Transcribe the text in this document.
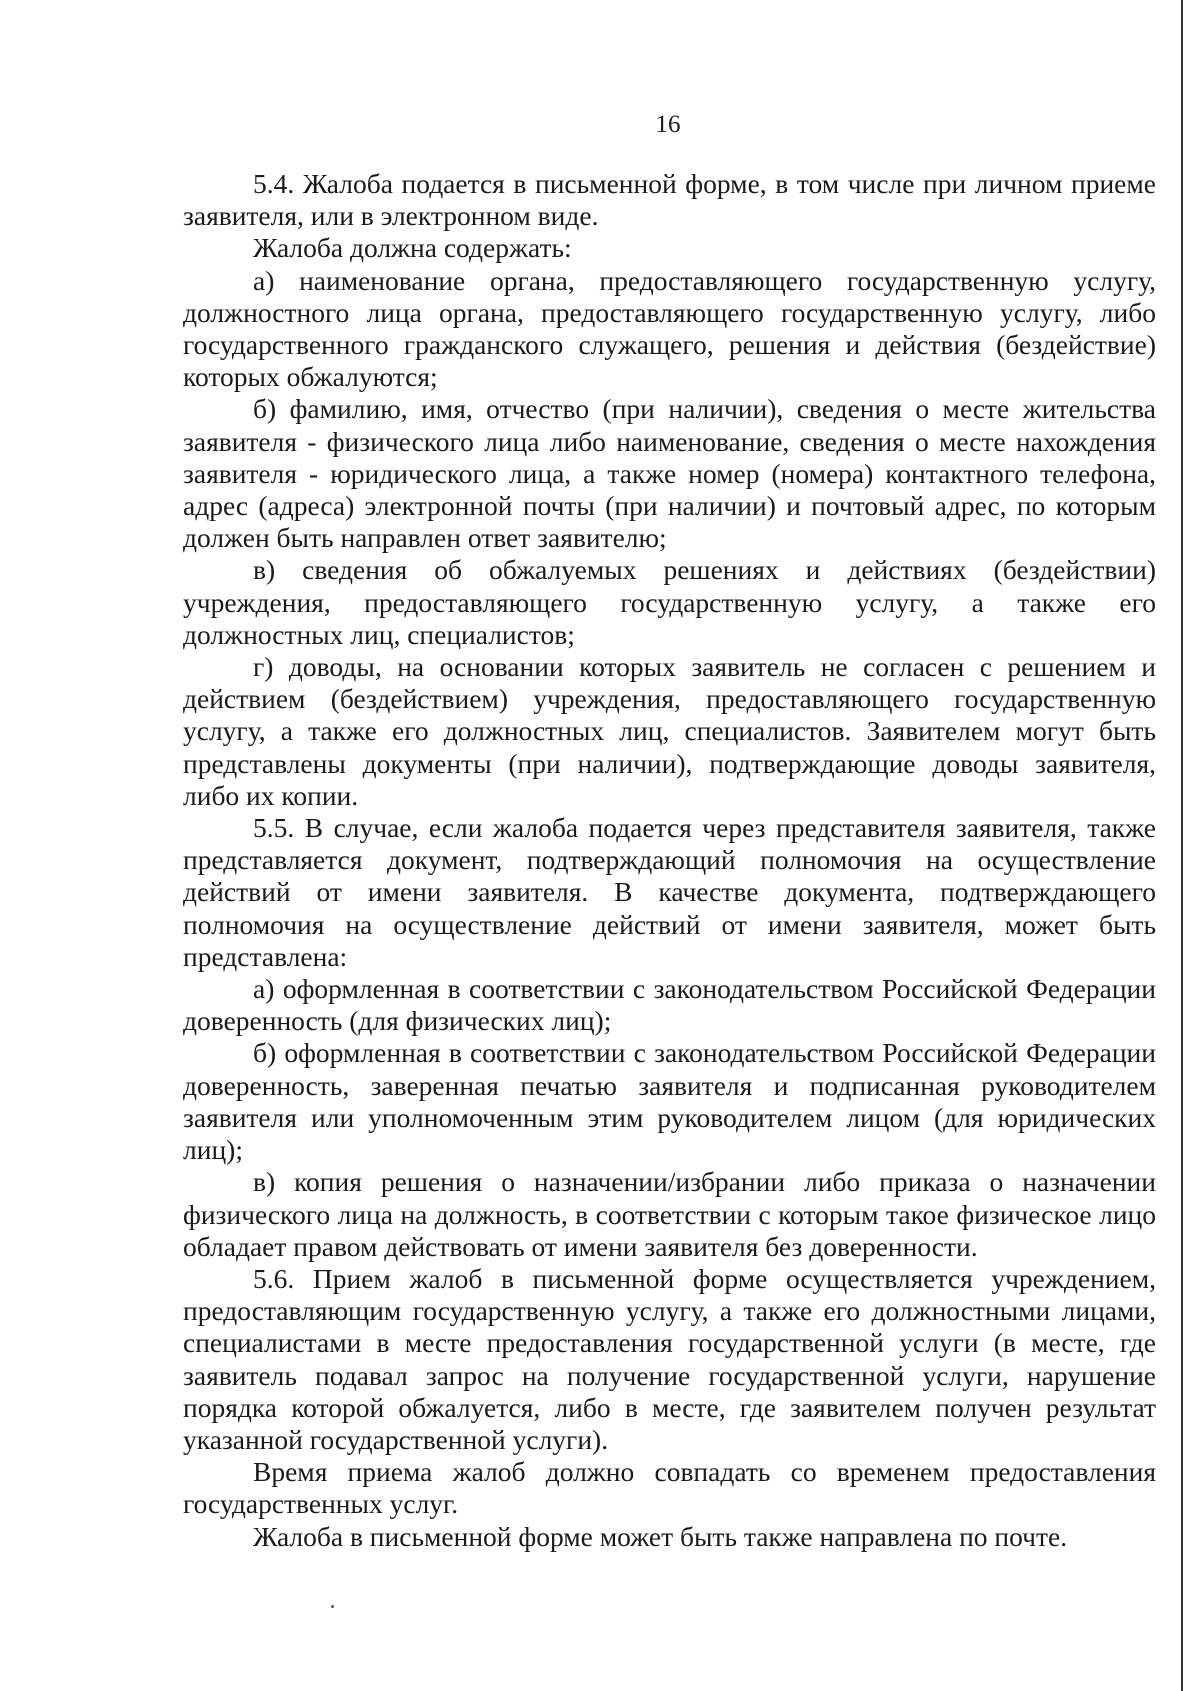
16

5.4. Жалоба подается в письменной форме, в том числе при личном приеме заявителя, или в электронном виде.

Жалоба должна содержать:

а) наименование органа, предоставляющего государственную услугу, должностного лица органа, предоставляющего государственную услугу, либо государственного гражданского служащего, решения и действия (бездействие) которых обжалуются;

б) фамилию, имя, отчество (при наличии), сведения о месте жительства заявителя - физического лица либо наименование, сведения о месте нахождения заявителя - юридического лица, а также номер (номера) контактного телефона, адрес (адреса) электронной почты (при наличии) и почтовый адрес, по которым должен быть направлен ответ заявителю;

в) сведения об обжалуемых решениях и действиях (бездействии) учреждения, предоставляющего государственную услугу, а также его должностных лиц, специалистов;

г) доводы, на основании которых заявитель не согласен с решением и действием (бездействием) учреждения, предоставляющего государственную услугу, а также его должностных лиц, специалистов. Заявителем могут быть представлены документы (при наличии), подтверждающие доводы заявителя, либо их копии.

5.5. В случае, если жалоба подается через представителя заявителя, также представляется документ, подтверждающий полномочия на осуществление действий от имени заявителя. В качестве документа, подтверждающего полномочия на осуществление действий от имени заявителя, может быть представлена:

а) оформленная в соответствии с законодательством Российской Федерации доверенность (для физических лиц);

б) оформленная в соответствии с законодательством Российской Федерации доверенность, заверенная печатью заявителя и подписанная руководителем заявителя или уполномоченным этим руководителем лицом (для юридических лиц);

в) копия решения о назначении/избрании либо приказа о назначении физического лица на должность, в соответствии с которым такое физическое лицо обладает правом действовать от имени заявителя без доверенности.

5.6. Прием жалоб в письменной форме осуществляется учреждением, предоставляющим государственную услугу, а также его должностными лицами, специалистами в месте предоставления государственной услуги (в месте, где заявитель подавал запрос на получение государственной услуги, нарушение порядка которой обжалуется, либо в месте, где заявителем получен результат указанной государственной услуги).

Время приема жалоб должно совпадать со временем предоставления государственных услуг.

Жалоба в письменной форме может быть также направлена по почте.
